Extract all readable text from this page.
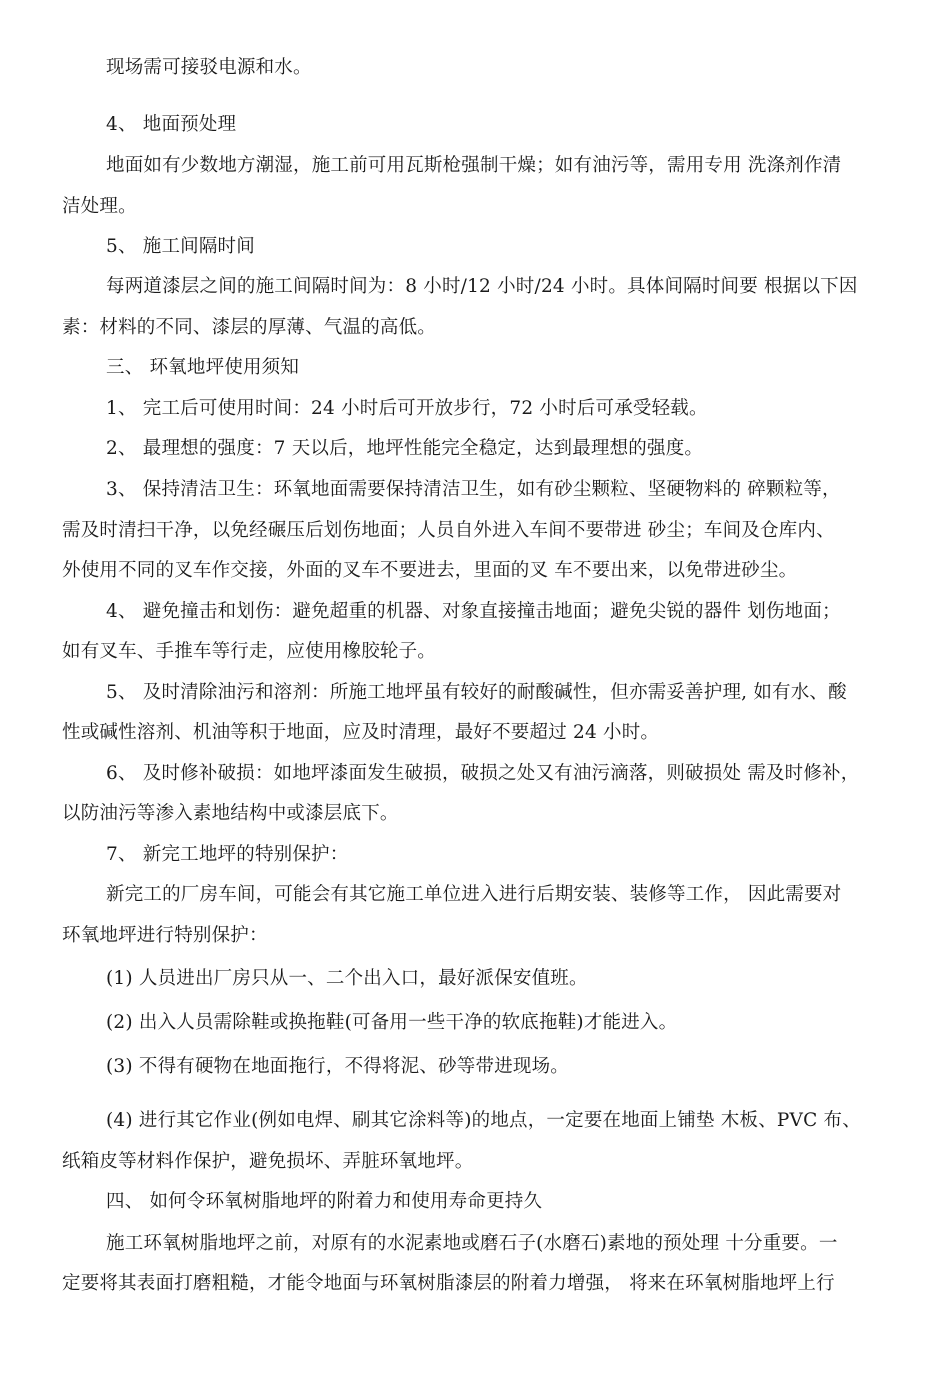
现场需可接驳电源和水。
4、 地面预处理
地面如有少数地方潮湿，施工前可用瓦斯枪强制干燥；如有油污等，需用专用 洗涤剂作清
洁处理。
5、 施工间隔时间
每两道漆层之间的施工间隔时间为：8 小时/12 小时/24 小时。具体间隔时间要 根据以下因
素：材料的不同、漆层的厚薄、气温的高低。
三、 环氧地坪使用须知
1、 完工后可使用时间：24 小时后可开放步行，72 小时后可承受轻载。
2、 最理想的强度：7 天以后，地坪性能完全稳定，达到最理想的强度。
3、 保持清洁卫生：环氧地面需要保持清洁卫生，如有砂尘颗粒、坚硬物料的 碎颗粒等，
需及时清扫干净，以免经碾压后划伤地面；人员自外进入车间不要带进 砂尘；车间及仓库内、
外使用不同的叉车作交接，外面的叉车不要进去，里面的叉 车不要出来，以免带进砂尘。
4、 避免撞击和划伤：避免超重的机器、对象直接撞击地面；避免尖锐的器件 划伤地面；
如有叉车、手推车等行走，应使用橡胶轮子。
5、 及时清除油污和溶剂：所施工地坪虽有较好的耐酸碱性，但亦需妥善护理, 如有水、酸
性或碱性溶剂、机油等积于地面，应及时清理，最好不要超过 24 小时。
6、 及时修补破损：如地坪漆面发生破损，破损之处又有油污滴落，则破损处 需及时修补，
以防油污等渗入素地结构中或漆层底下。
7、 新完工地坪的特别保护：
新完工的厂房车间，可能会有其它施工单位进入进行后期安装、装修等工作， 因此需要对
环氧地坪进行特别保护：
(1) 人员进出厂房只从一、二个出入口，最好派保安值班。
(2) 出入人员需除鞋或换拖鞋(可备用一些干净的软底拖鞋)才能进入。
(3) 不得有硬物在地面拖行，不得将泥、砂等带进现场。
(4) 进行其它作业(例如电焊、刷其它涂料等)的地点，一定要在地面上铺垫 木板、PVC 布、
纸箱皮等材料作保护，避免损坏、弄脏环氧地坪。
四、 如何令环氧树脂地坪的附着力和使用寿命更持久
施工环氧树脂地坪之前，对原有的水泥素地或磨石子(水磨石)素地的预处理 十分重要。一
定要将其表面打磨粗糙，才能令地面与环氧树脂漆层的附着力增强， 将来在环氧树脂地坪上行
